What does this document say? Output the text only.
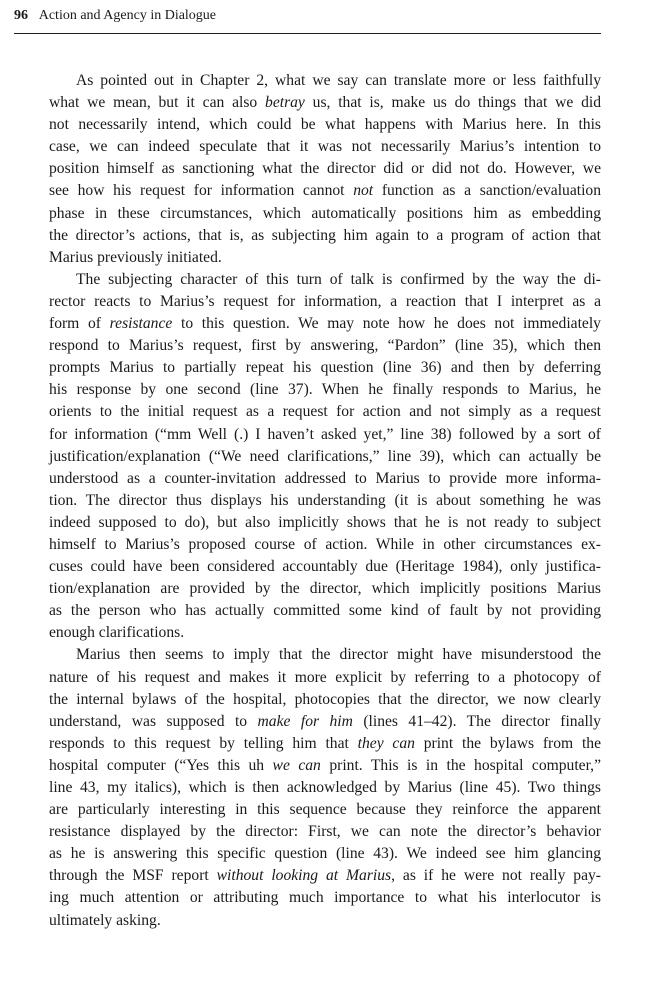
96 Action and Agency in Dialogue
As pointed out in Chapter 2, what we say can translate more or less faithfully
what we mean, but it can also betray us, that is, make us do things that we did
not necessarily intend, which could be what happens with Marius here. In this
case, we can indeed speculate that it was not necessarily Marius’s intention to
position himself as sanctioning what the director did or did not do. However, we
see how his request for information cannot not function as a sanction/evaluation
phase in these circumstances, which automatically positions him as embedding
the director’s actions, that is, as subjecting him again to a program of action that
Marius previously initiated.
The subjecting character of this turn of talk is confirmed by the way the di-
rector reacts to Marius’s request for information, a reaction that I interpret as a
form of resistance to this question. We may note how he does not immediately
respond to Marius’s request, first by answering, “Pardon” (line 35), which then
prompts Marius to partially repeat his question (line 36) and then by deferring
his response by one second (line 37). When he finally responds to Marius, he
orients to the initial request as a request for action and not simply as a request
for information (“mm Well (.) I haven’t asked yet,” line 38) followed by a sort of
justification/explanation (“We need clarifications,” line 39), which can actually be
understood as a counter-invitation addressed to Marius to provide more informa-
tion. The director thus displays his understanding (it is about something he was
indeed supposed to do), but also implicitly shows that he is not ready to subject
himself to Marius’s proposed course of action. While in other circumstances ex-
cuses could have been considered accountably due (Heritage 1984), only justifica-
tion/explanation are provided by the director, which implicitly positions Marius
as the person who has actually committed some kind of fault by not providing
enough clarifications.
Marius then seems to imply that the director might have misunderstood the
nature of his request and makes it more explicit by referring to a photocopy of
the internal bylaws of the hospital, photocopies that the director, we now clearly
understand, was supposed to make for him (lines 41–42). The director finally
responds to this request by telling him that they can print the bylaws from the
hospital computer (“Yes this uh we can print. This is in the hospital computer,”
line 43, my italics), which is then acknowledged by Marius (line 45). Two things
are particularly interesting in this sequence because they reinforce the apparent
resistance displayed by the director: First, we can note the director’s behavior
as he is answering this specific question (line 43). We indeed see him glancing
through the MSF report without looking at Marius, as if he were not really pay-
ing much attention or attributing much importance to what his interlocutor is
ultimately asking.
